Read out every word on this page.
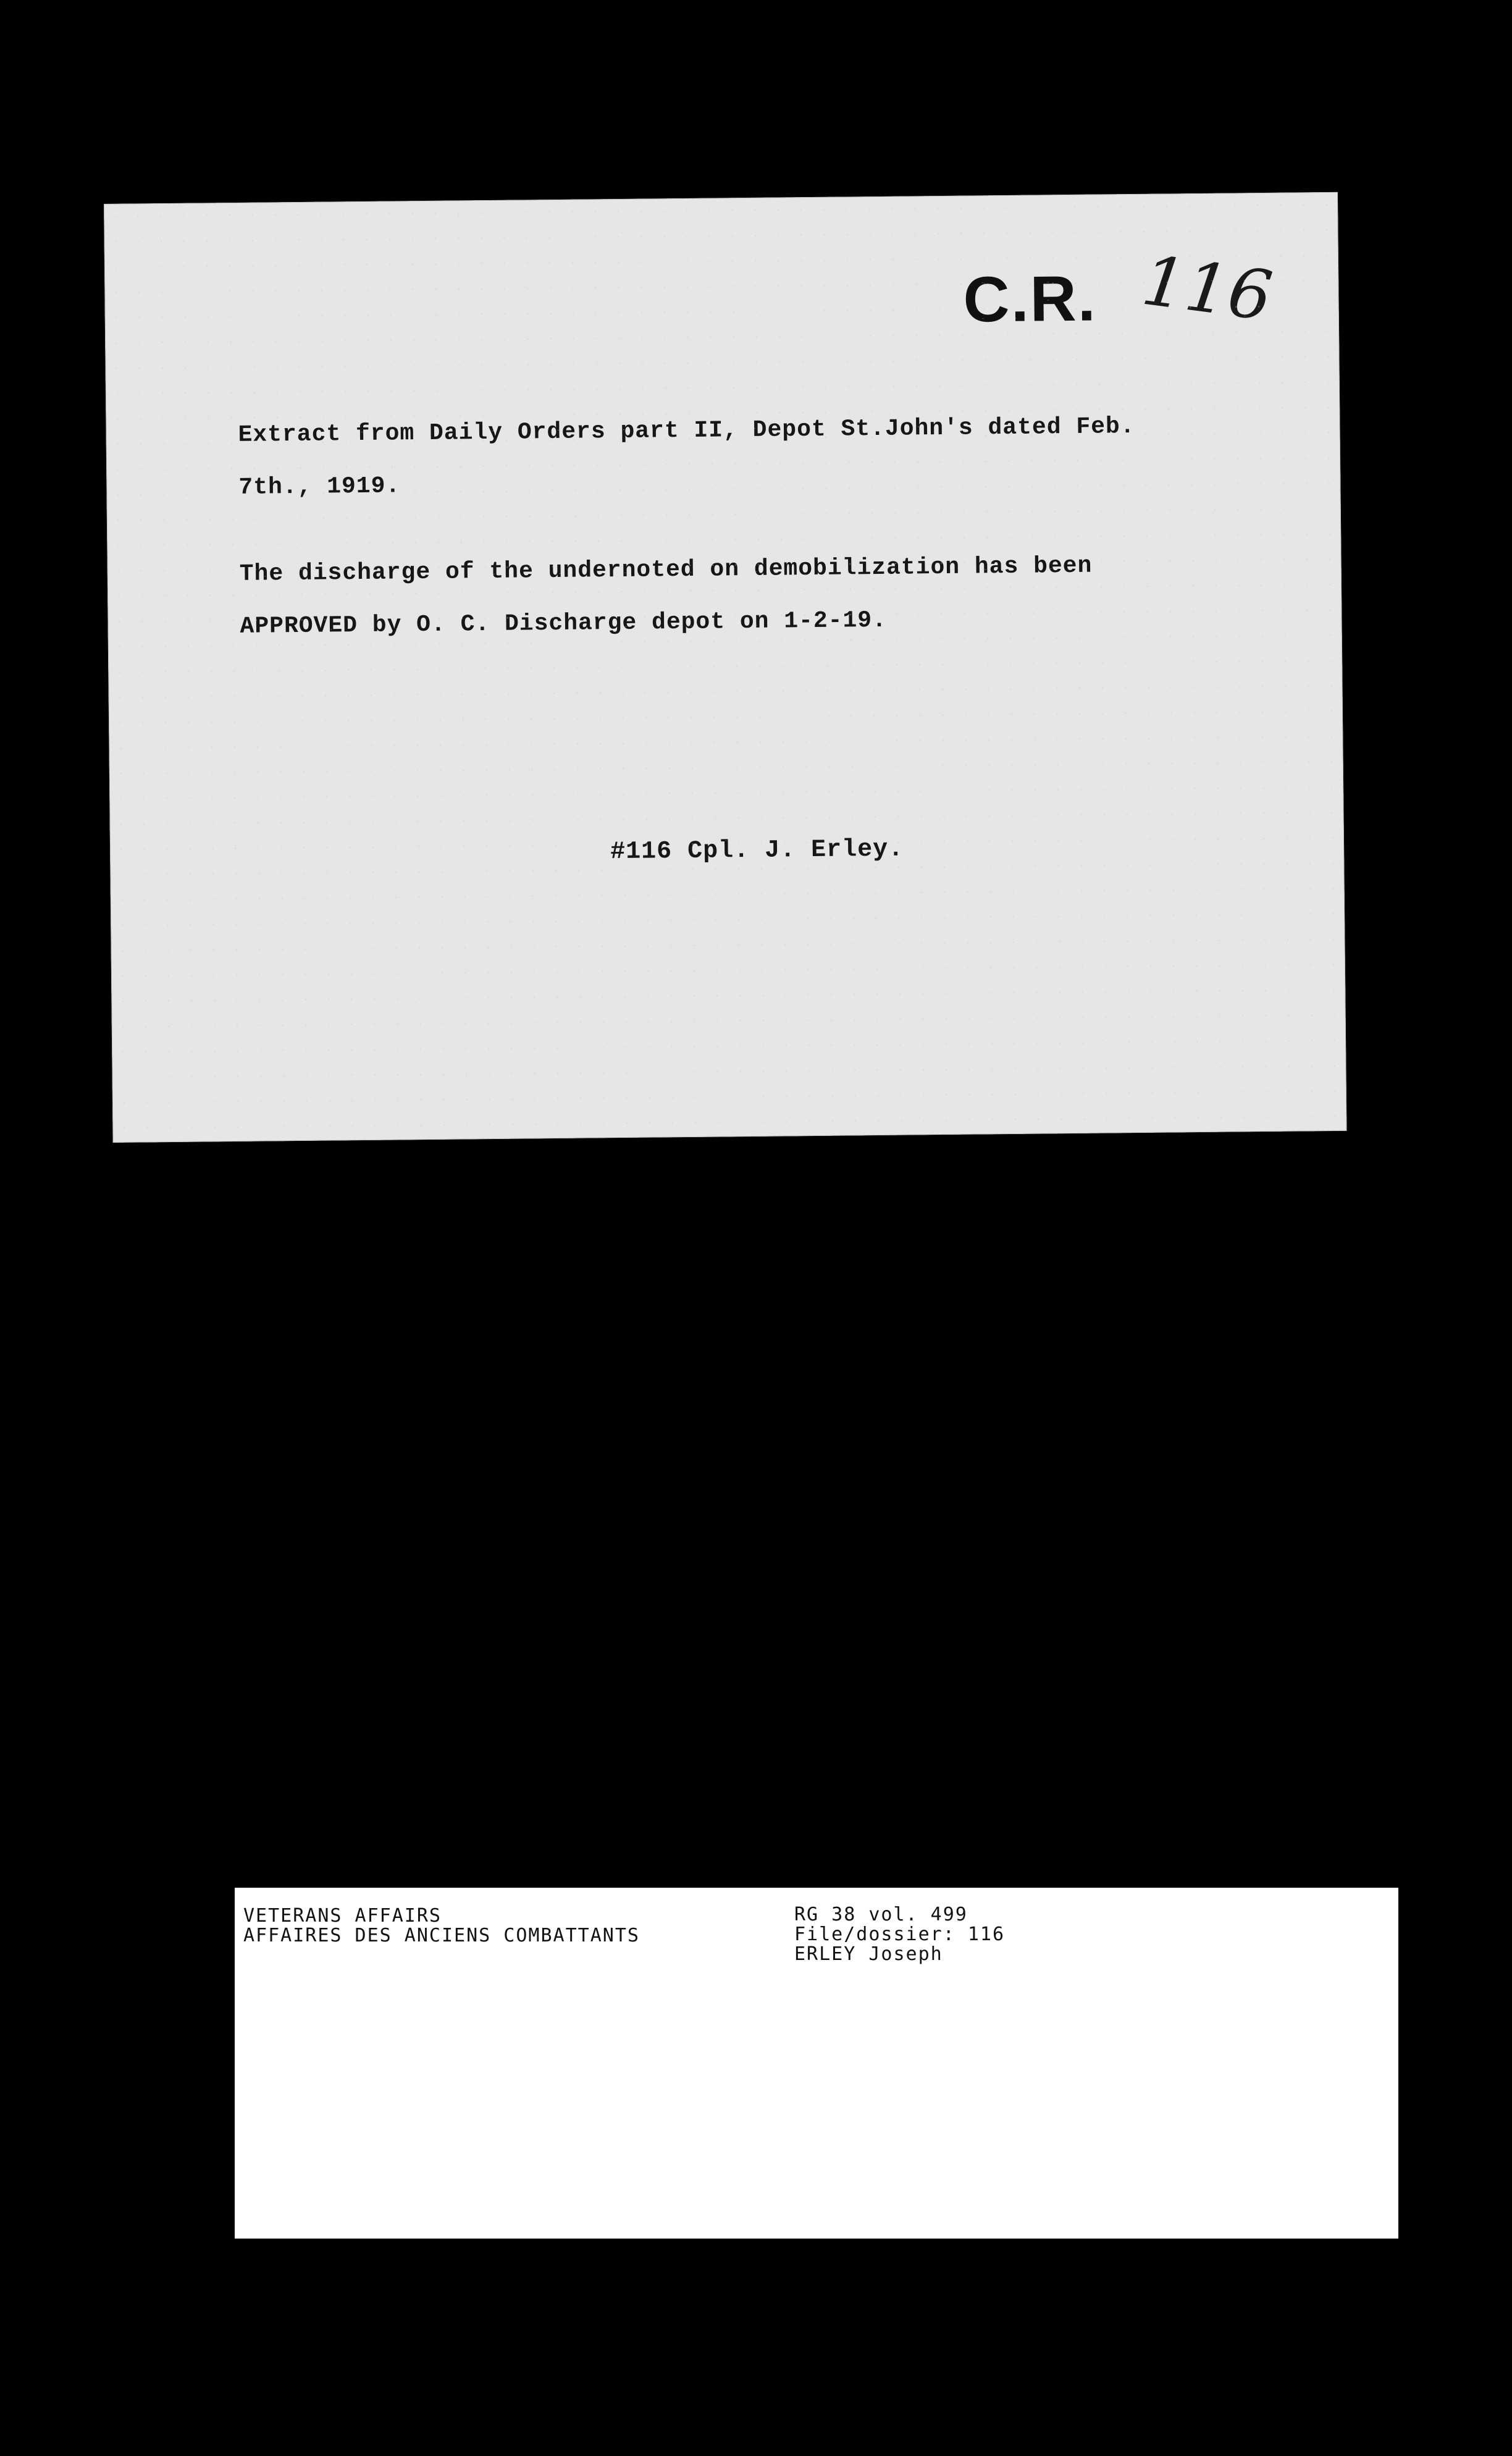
C.R. 116
Extract from Daily Orders part II, Depot St.John's dated Feb.
7th., 1919.
The discharge of the undernoted on demobilization has been
APPROVED by O. C. Discharge depot on 1-2-19.
#116 Cpl. J. Erley.
VETERANS AFFAIRS
AFFAIRES DES ANCIENS COMBATTANTS
RG 38 vol. 499
File/dossier: 116
ERLEY Joseph
